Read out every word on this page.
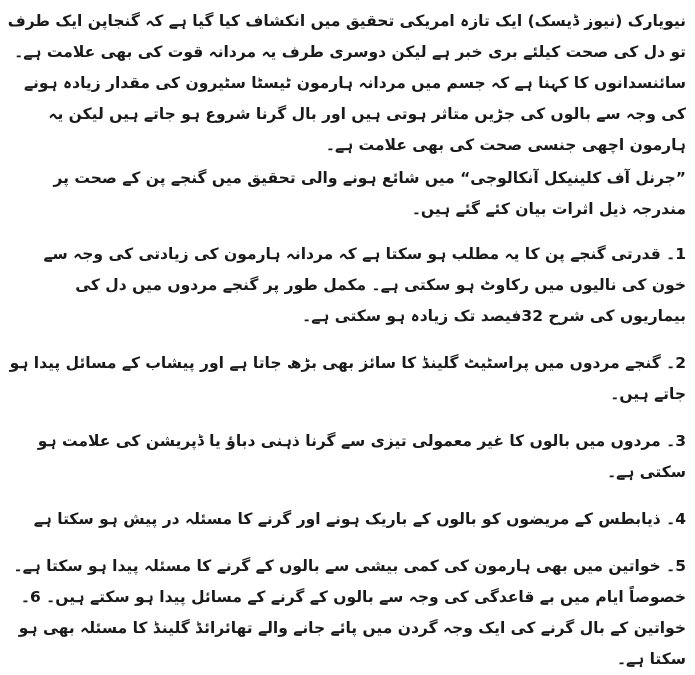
نیویارک (نیوز ڈیسک) ایک تازہ امریکی تحقیق میں انکشاف کیا گیا ہے کہ گنجاپن ایک طرف تو دل کی صحت کیلئے بری خبر ہے لیکن دوسری طرف یہ مردانہ قوت کی بھی علامت ہے۔ سائنسدانوں کا کہنا ہے کہ جسم میں مردانہ ہارمون ٹیسٹا سٹیرون کی مقدار زیادہ ہونے کی وجہ سے بالوں کی جڑیں متاثر ہوتی ہیں اور بال گرنا شروع ہو جاتے ہیں لیکن یہ ہارمون اچھی جنسی صحت کی بھی علامت ہے۔

”جرنل آف کلینیکل آنکالوجی“ میں شائع ہونے والی تحقیق میں گنجے پن کے صحت پر مندرجہ ذیل اثرات بیان کئے گئے ہیں۔

1۔ قدرتی گنجے پن کا یہ مطلب ہو سکتا ہے کہ مردانہ ہارمون کی زیادتی کی وجہ سے خون کی نالیوں میں رکاوٹ ہو سکتی ہے۔ مکمل طور پر گنجے مردوں میں دل کی بیماریوں کی شرح 32فیصد تک زیادہ ہو سکتی ہے۔

2۔ گنجے مردوں میں پراسٹیٹ گلینڈ کا سائز بھی بڑھ جاتا ہے اور پیشاب کے مسائل پیدا ہو جاتے ہیں۔

3۔ مردوں میں بالوں کا غیر معمولی تیزی سے گرنا ذہنی دباؤ یا ڈپریشن کی علامت ہو سکتی ہے۔

4۔ ذیابطس کے مریضوں کو بالوں کے باریک ہونے اور گرنے کا مسئلہ در پیش ہو سکتا ہے

5۔ خواتین میں بھی ہارمون کی کمی بیشی سے بالوں کے گرنے کا مسئلہ پیدا ہو سکتا ہے۔ خصوصاً ایام میں بے قاعدگی کی وجہ سے بالوں کے گرنے کے مسائل پیدا ہو سکتے ہیں۔ 6۔ خواتین کے بال گرنے کی ایک وجہ گردن میں پائے جانے والے تھائرائڈ گلینڈ کا مسئلہ بھی ہو سکتا ہے۔
